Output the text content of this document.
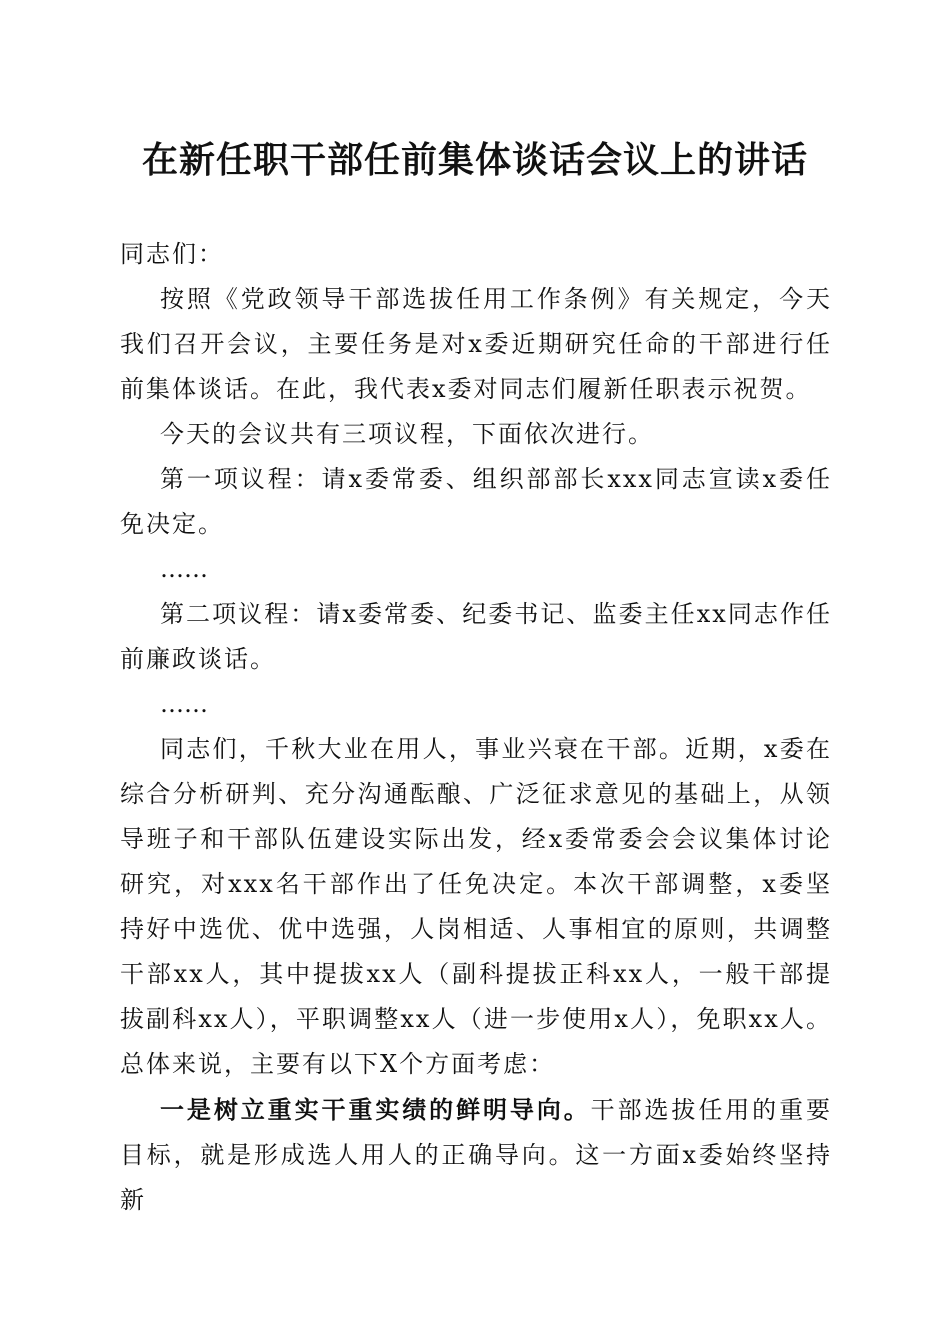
在新任职干部任前集体谈话会议上的讲话

同志们：

按照《党政领导干部选拔任用工作条例》有关规定，今天我们召开会议，主要任务是对x委近期研究任命的干部进行任前集体谈话。在此，我代表x委对同志们履新任职表示祝贺。

今天的会议共有三项议程，下面依次进行。

第一项议程：请x委常委、组织部部长xxx同志宣读x委任免决定。

……

第二项议程：请x委常委、纪委书记、监委主任xx同志作任前廉政谈话。

……

同志们，千秋大业在用人，事业兴衰在干部。近期，x委在综合分析研判、充分沟通酝酿、广泛征求意见的基础上，从领导班子和干部队伍建设实际出发，经x委常委会会议集体讨论研究，对xxx名干部作出了任免决定。本次干部调整，x委坚持好中选优、优中选强，人岗相适、人事相宜的原则，共调整干部xx人，其中提拔xx人（副科提拔正科xx人，一般干部提拔副科xx人），平职调整xx人（进一步使用x人），免职xx人。总体来说，主要有以下X个方面考虑：

一是树立重实干重实绩的鲜明导向。干部选拔任用的重要目标，就是形成选人用人的正确导向。这一方面x委始终坚持新
